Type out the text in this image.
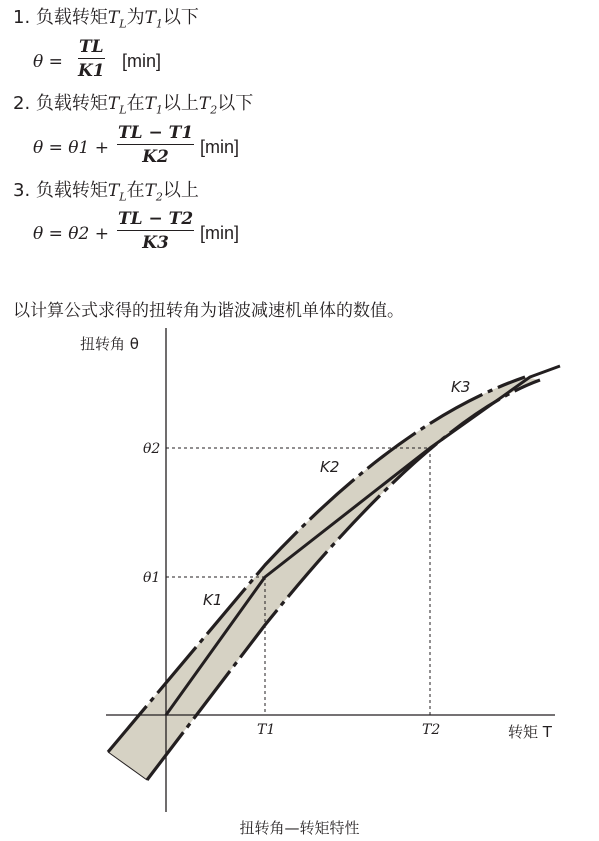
1. 负载转矩$T_L$为$T_1$以下
θ =
TL
K1
[min]
2. 负载转矩$T_L$在$T_1$以上$T_2$以下
θ = θ1 +
TL − T1
K2
[min]
3. 负载转矩$T_L$在$T_2$以上
θ = θ2 +
TL − T2
K3
[min]
以计算公式求得的扭转角为谐波减速机单体的数值。
扭转角 θ
转矩 T
θ1
θ2
T1	T2
K1
K2
K3
扭转角—转矩特性
